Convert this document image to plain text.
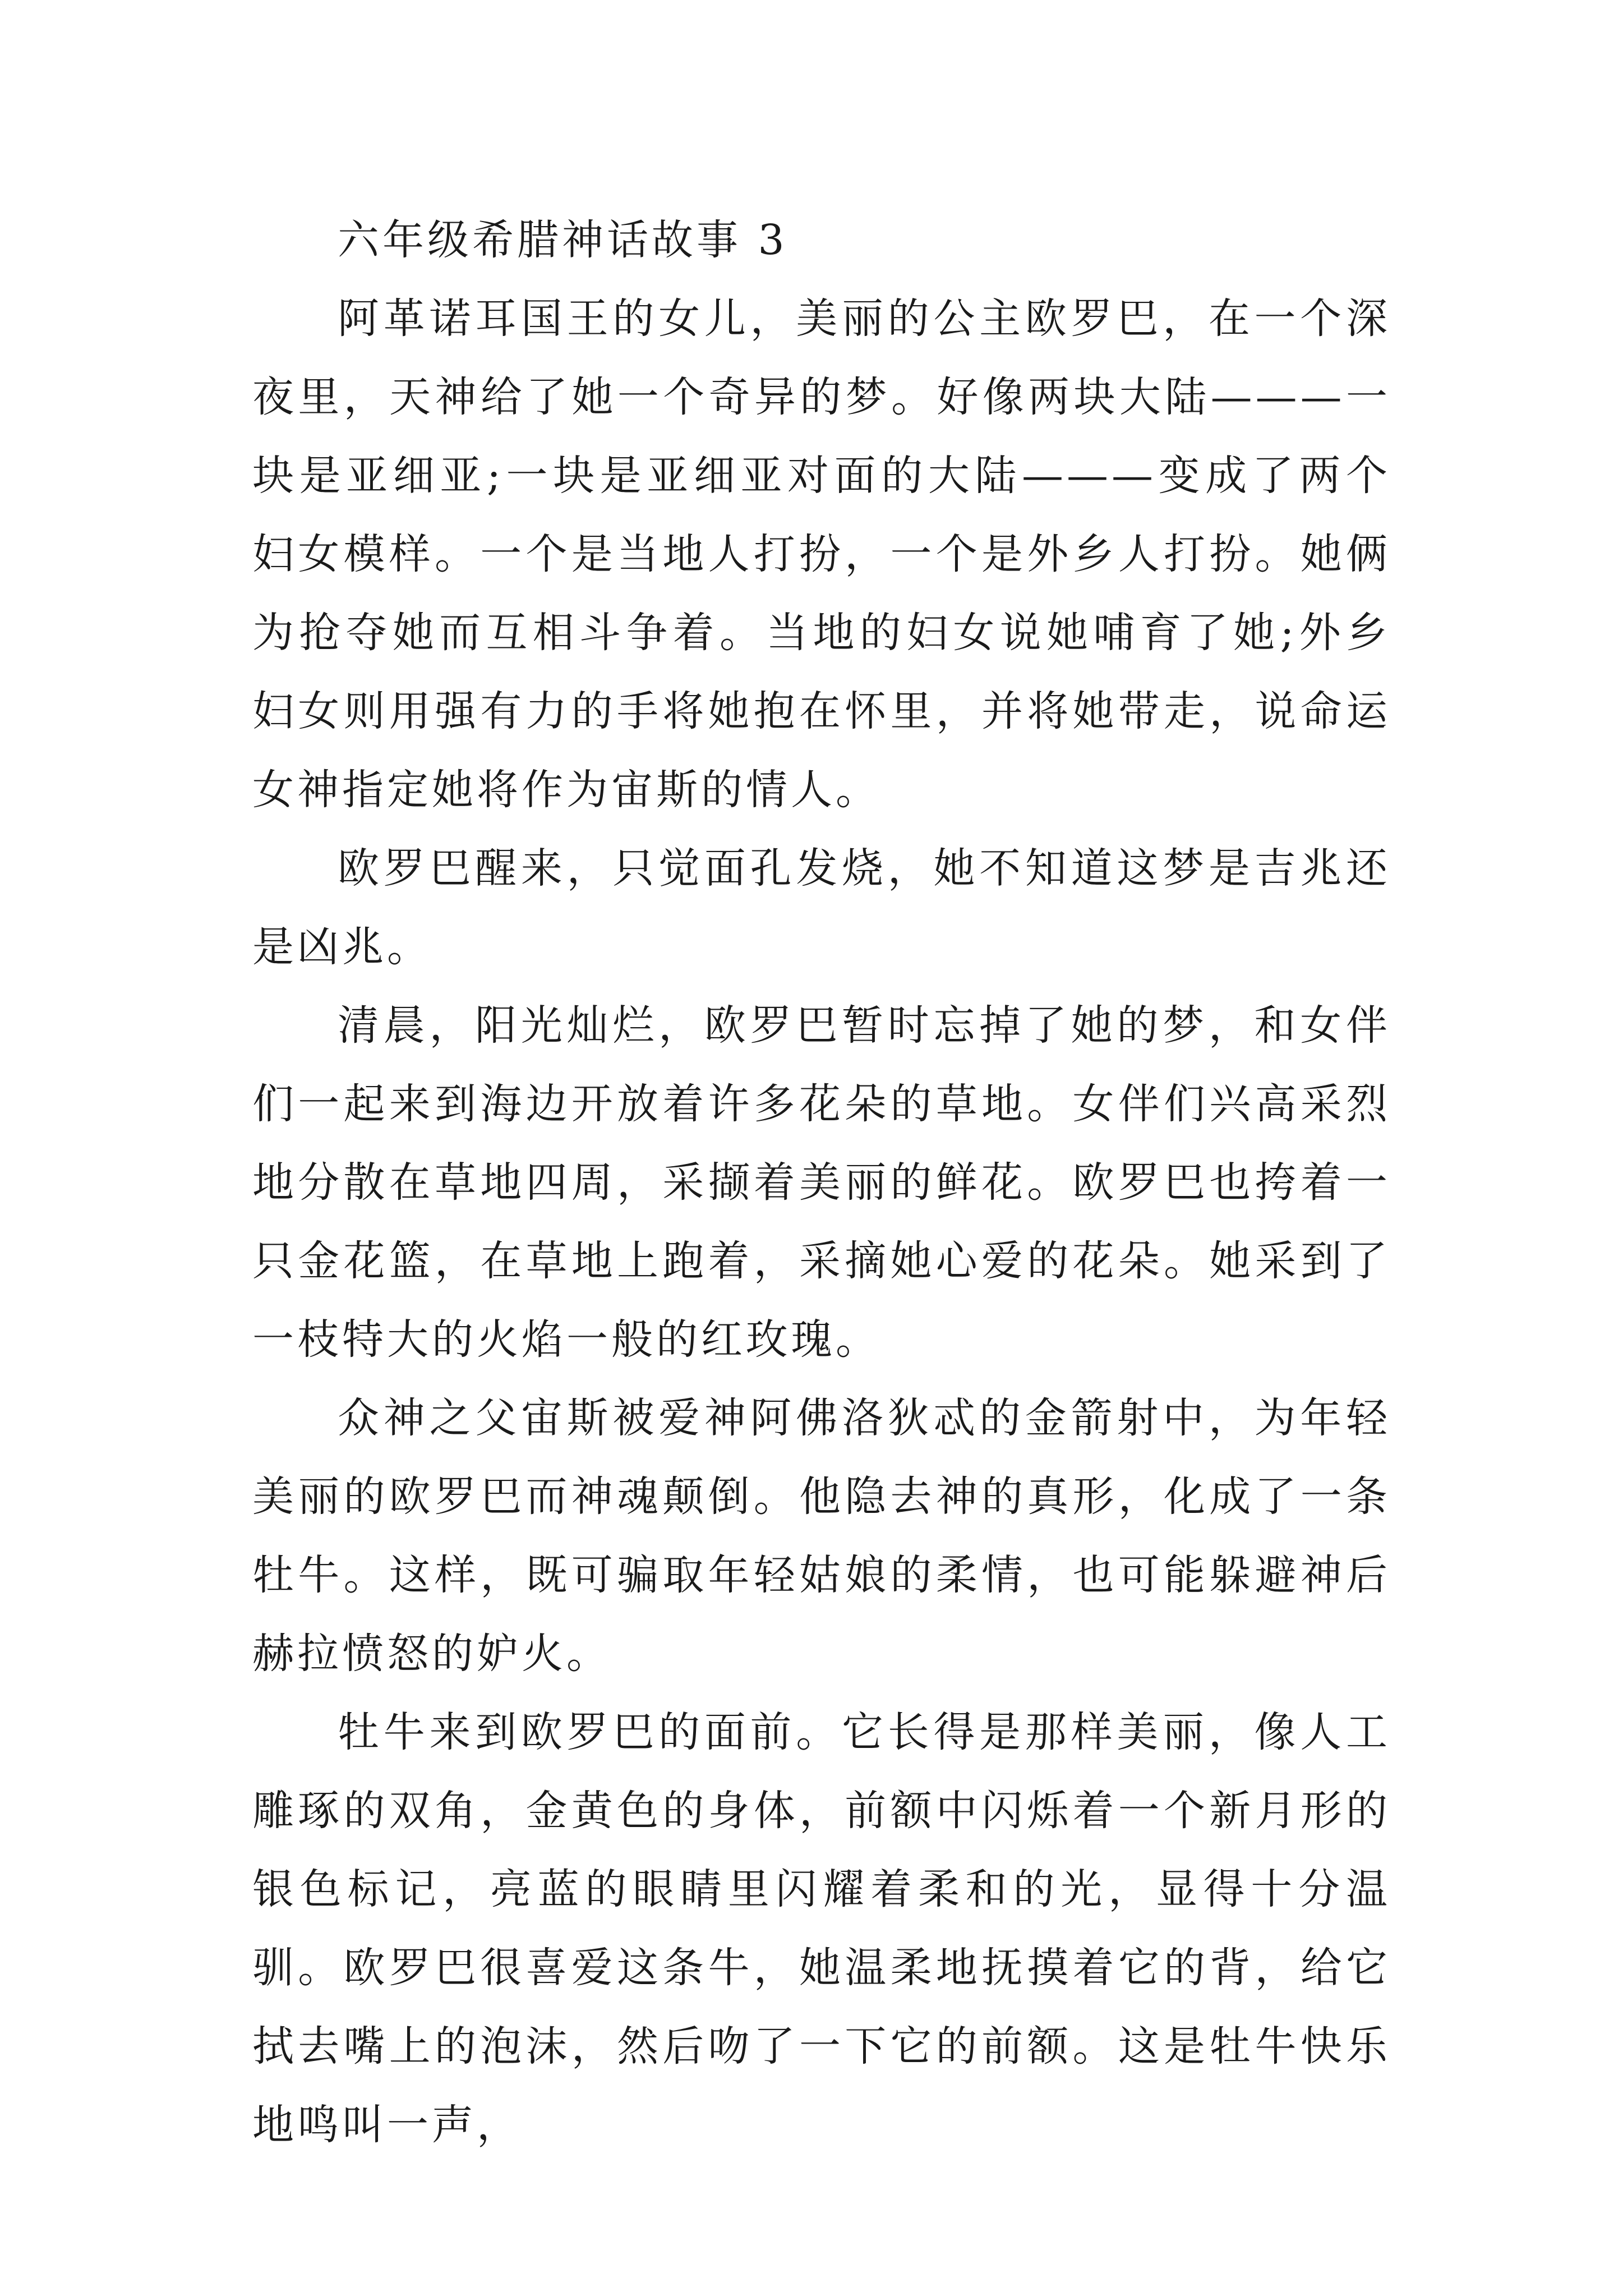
六年级希腊神话故事 3

阿革诺耳国王的女儿，美丽的公主欧罗巴，在一个深夜里，天神给了她一个奇异的梦。好像两块大陆———一块是亚细亚;一块是亚细亚对面的大陆———变成了两个妇女模样。一个是当地人打扮，一个是外乡人打扮。她俩为抢夺她而互相斗争着。当地的妇女说她哺育了她;外乡妇女则用强有力的手将她抱在怀里，并将她带走，说命运女神指定她将作为宙斯的情人。

欧罗巴醒来，只觉面孔发烧，她不知道这梦是吉兆还是凶兆。

清晨，阳光灿烂，欧罗巴暂时忘掉了她的梦，和女伴们一起来到海边开放着许多花朵的草地。女伴们兴高采烈地分散在草地四周，采撷着美丽的鲜花。欧罗巴也挎着一只金花篮，在草地上跑着，采摘她心爱的花朵。她采到了一枝特大的火焰一般的红玫瑰。

众神之父宙斯被爱神阿佛洛狄忒的金箭射中，为年轻美丽的欧罗巴而神魂颠倒。他隐去神的真形，化成了一条牡牛。这样，既可骗取年轻姑娘的柔情，也可能躲避神后赫拉愤怒的妒火。

牡牛来到欧罗巴的面前。它长得是那样美丽，像人工雕琢的双角，金黄色的身体，前额中闪烁着一个新月形的银色标记，亮蓝的眼睛里闪耀着柔和的光，显得十分温驯。欧罗巴很喜爱这条牛，她温柔地抚摸着它的背，给它拭去嘴上的泡沫，然后吻了一下它的前额。这是牡牛快乐地鸣叫一声，
